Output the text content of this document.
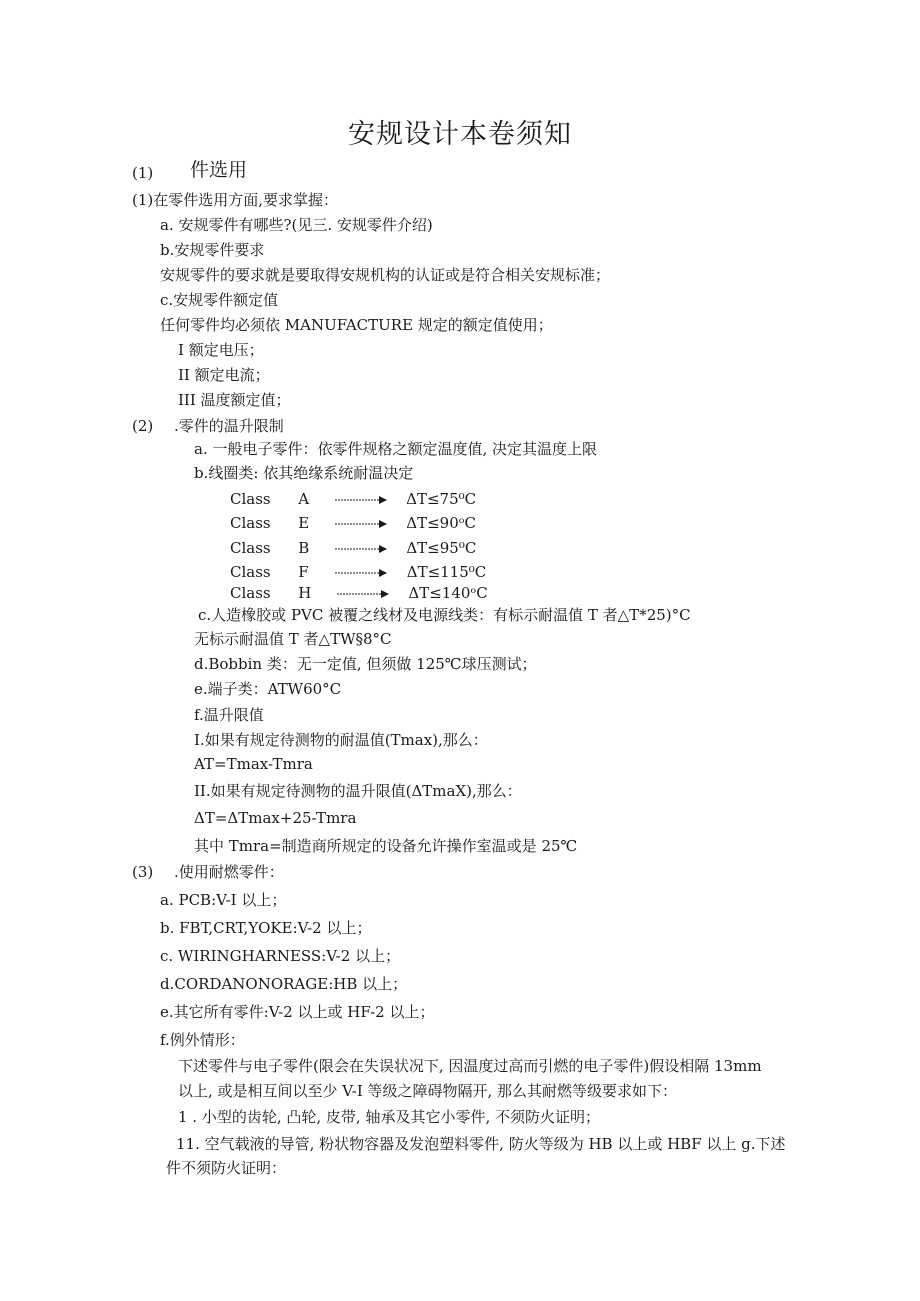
安规设计本卷须知
(1) 件选用
(1)在零件选用方面,要求掌握：
a. 安规零件有哪些?(见三. 安规零件介绍)
b.安规零件要求
安规零件的要求就是要取得安规机构的认证或是符合相关安规标准；
c.安规零件额定值
任何零件均必须依 MANUFACTURE 规定的额定值使用；
I 额定电压；
II 额定电流；
III 温度额定值；
(2) .零件的温升限制
a. 一般电子零件：依零件规格之额定温度值, 决定其温度上限
b.线圈类: 依其绝缘系统耐温决定
Class A	ΔT≤75⁰C
Class E	ΔT≤90ᵒC
Class B	ΔT≤95⁰C
Class F	ΔT≤115⁰C
Class H	ΔT≤140ᵒC
c.人造橡胶或 PVC 被覆之线材及电源线类：有标示耐温值 T 者△T*25)°C
无标示耐温值 T 者△TW§8°C
d.Bobbin 类：无一定值, 但须做 125℃球压测试；
e.端子类：ATW60°C
f.温升限值
I.如果有规定待测物的耐温值(Tmax),那么：
AT=Tmax-Tmra
II.如果有规定待测物的温升限值(ΔTmaX),那么：
ΔT=ΔTmax+25-Tmra
其中 Tmra=制造商所规定的设备允许操作室温或是 25℃
(3) .使用耐燃零件：
a. PCB:V-I 以上；
b. FBT,CRT,YOKE:V-2 以上；
c. WIRINGHARNESS:V-2 以上；
d.CORDANONORAGE:HB 以上；
e.其它所有零件:V-2 以上或 HF-2 以上；
f.例外情形：
下述零件与电子零件(限会在失误状况下, 因温度过高而引燃的电子零件)假设相隔 13mm
以上, 或是相互间以至少 V-I 等级之障碍物隔开, 那么其耐燃等级要求如下：
1 . 小型的齿轮, 凸轮, 皮带, 轴承及其它小零件, 不须防火证明；
11. 空气载液的导管, 粉状物容器及发泡塑料零件, 防火等级为 HB 以上或 HBF 以上 g.下述
件不须防火证明：
